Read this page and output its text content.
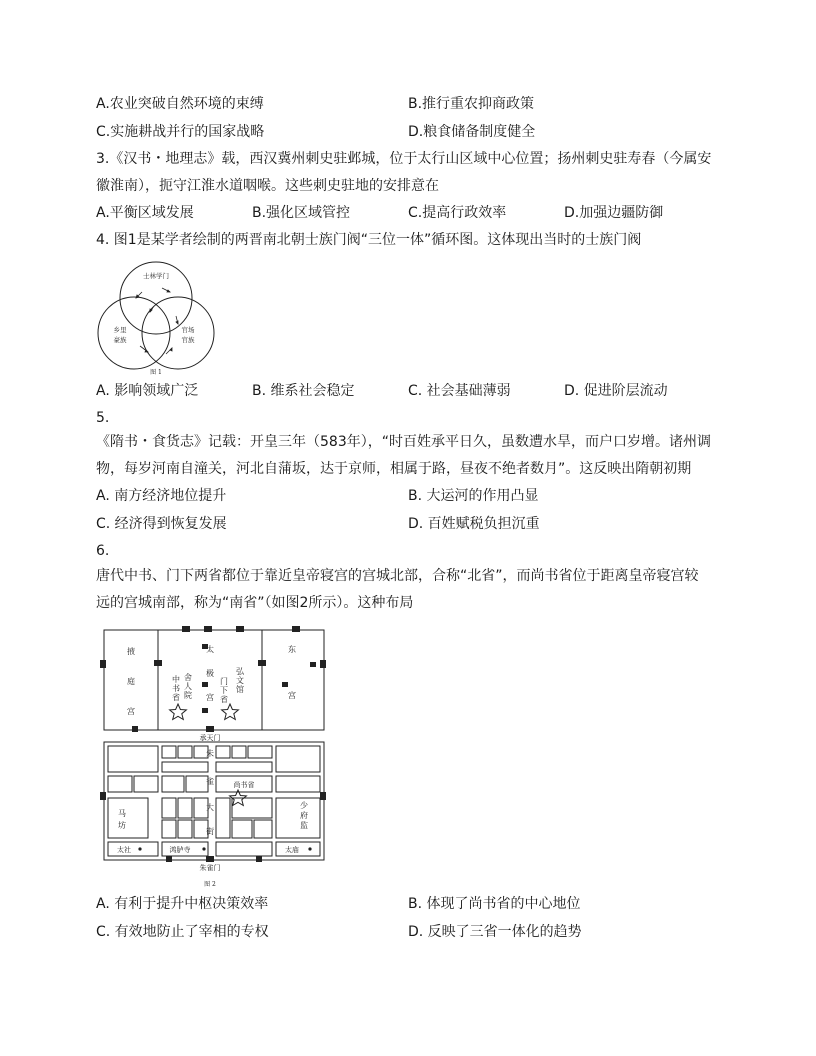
A.农业突破自然环境的束缚	B.推行重农抑商政策
C.实施耕战并行的国家战略	D.粮食储备制度健全
3.《汉书・地理志》载，西汉冀州刺史驻邺城，位于太行山区域中心位置；扬州刺史驻寿春（今属安
徽淮南），扼守江淮水道咽喉。这些刺史驻地的安排意在
A.平衡区域发展	B.强化区域管控	C.提高行政效率	D.加强边疆防御
4. 图1是某学者绘制的两晋南北朝士族门阀“三位一体”循环图。这体现出当时的士族门阀
士林学门
乡里
豪族
官场
官族
图 1
A. 影响领域广泛	B. 维系社会稳定	C. 社会基础薄弱	D. 促进阶层流动
5.
《隋书・食货志》记载：开皇三年（583年），“时百姓承平日久，虽数遭水旱，而户口岁增。诸州调
物，每岁河南自潼关，河北自蒲坂，达于京师，相属于路，昼夜不绝者数月”。这反映出隋朝初期
A. 南方经济地位提升	B. 大运河的作用凸显
C. 经济得到恢复发展	D. 百姓赋税负担沉重
6.
唐代中书、门下两省都位于靠近皇帝寝宫的宫城北部，合称“北省”，而尚书省位于距离皇帝寝宫较
远的宫城南部，称为“南省”（如图2所示）。这种布局
掖
庭
宫
太
极
宫
东
宫
中
书
省
舍
人
院
门
下
省
弘
文
馆
承天门
朱
雀
大
街
尚书省
马
坊
少
府
监
太社	鸿胪寺	太庙
朱雀门
图 2
A. 有利于提升中枢决策效率	B. 体现了尚书省的中心地位
C. 有效地防止了宰相的专权	D. 反映了三省一体化的趋势
